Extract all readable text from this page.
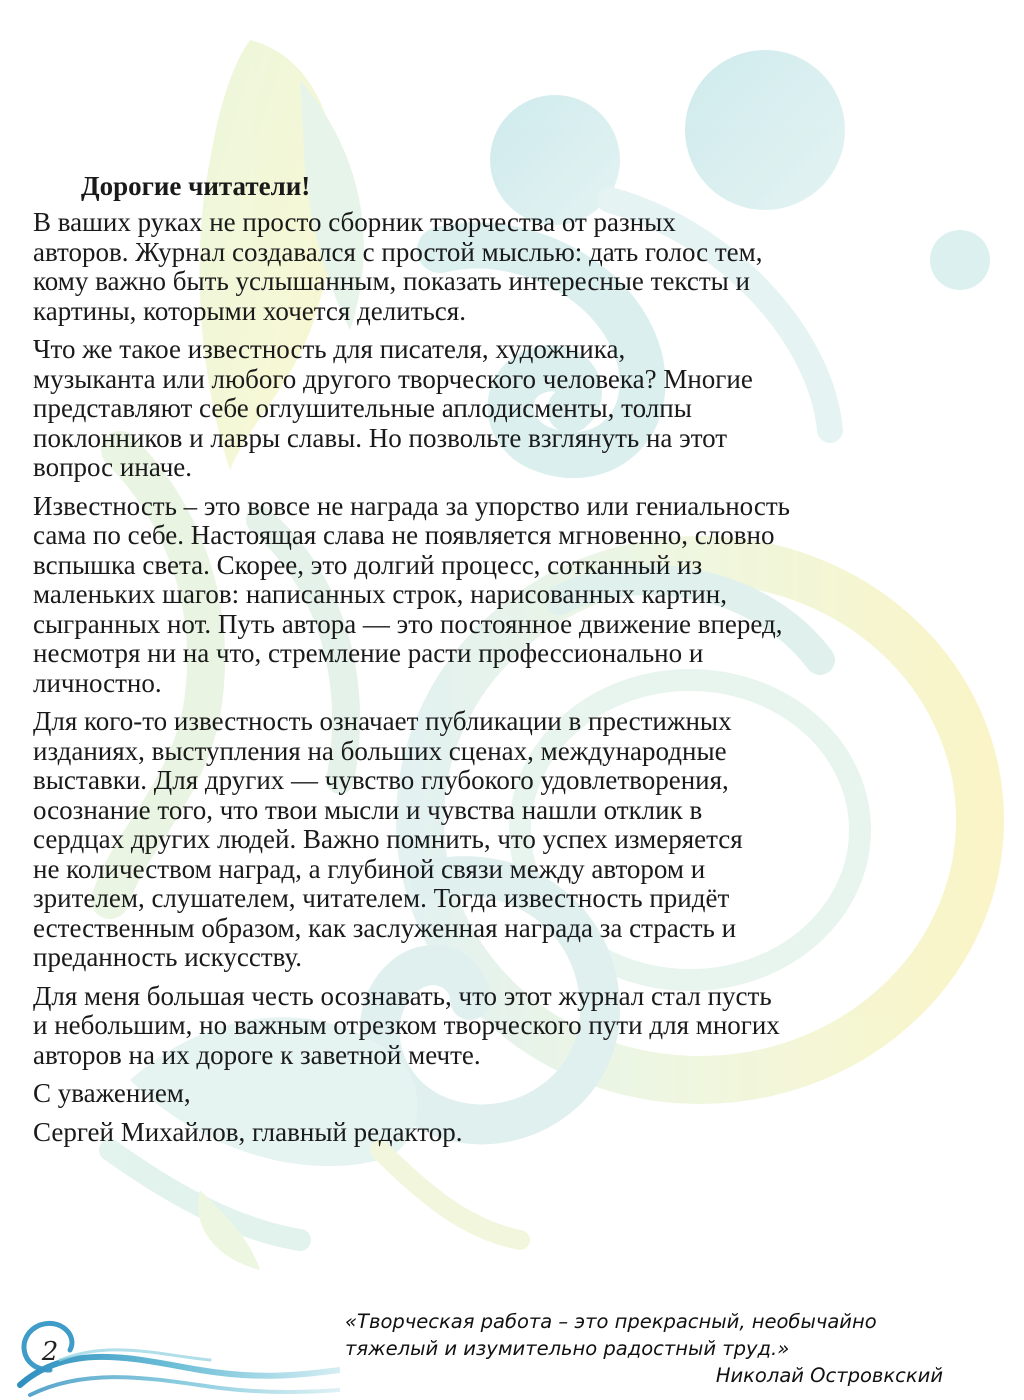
Дорогие читатели!
В ваших руках не просто сборник творчества от разных
авторов. Журнал создавался с простой мыслью: дать голос тем,
кому важно быть услышанным, показать интересные тексты и
картины, которыми хочется делиться.
Что же такое известность для писателя, художника,
музыканта или любого другого творческого человека? Многие
представляют себе оглушительные аплодисменты, толпы
поклонников и лавры славы. Но позвольте взглянуть на этот
вопрос иначе.
Известность – это вовсе не награда за упорство или гениальность
сама по себе. Настоящая слава не появляется мгновенно, словно
вспышка света. Скорее, это долгий процесс, сотканный из
маленьких шагов: написанных строк, нарисованных картин,
сыгранных нот. Путь автора — это постоянное движение вперед,
несмотря ни на что, стремление расти профессионально и
личностно.
Для кого-то известность означает публикации в престижных
изданиях, выступления на больших сценах, международные
выставки. Для других — чувство глубокого удовлетворения,
осознание того, что твои мысли и чувства нашли отклик в
сердцах других людей. Важно помнить, что успех измеряется
не количеством наград, а глубиной связи между автором и
зрителем, слушателем, читателем. Тогда известность придёт
естественным образом, как заслуженная награда за страсть и
преданность искусству.
Для меня большая честь осознавать, что этот журнал стал пусть
и небольшим, но важным отрезком творческого пути для многих
авторов на их дороге к заветной мечте.
С уважением,
Сергей Михайлов, главный редактор.
2
«Творческая работа – это прекрасный, необычайно
тяжелый и изумительно радостный труд.»
Николай Островкский
